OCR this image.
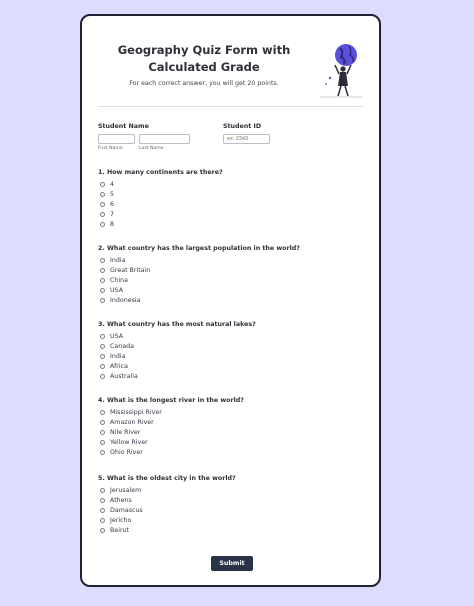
Geography Quiz Form with
Calculated Grade
For each correct answer, you will get 20 points.
Student Name
First Name	Last Name
Student ID
ex: 2343
1. How many continents are there?
4
5
6
7
8
2. What country has the largest population in the world?
India
Great Britain
China
USA
Indonesia
3. What country has the most natural lakes?
USA
Canada
India
Africa
Australia
4. What is the longest river in the world?
Mississippi River
Amazon River
Nile River
Yellow River
Ohio River
5. What is the oldest city in the world?
Jerusalem
Athens
Damascus
Jericho
Beirut
Submit
